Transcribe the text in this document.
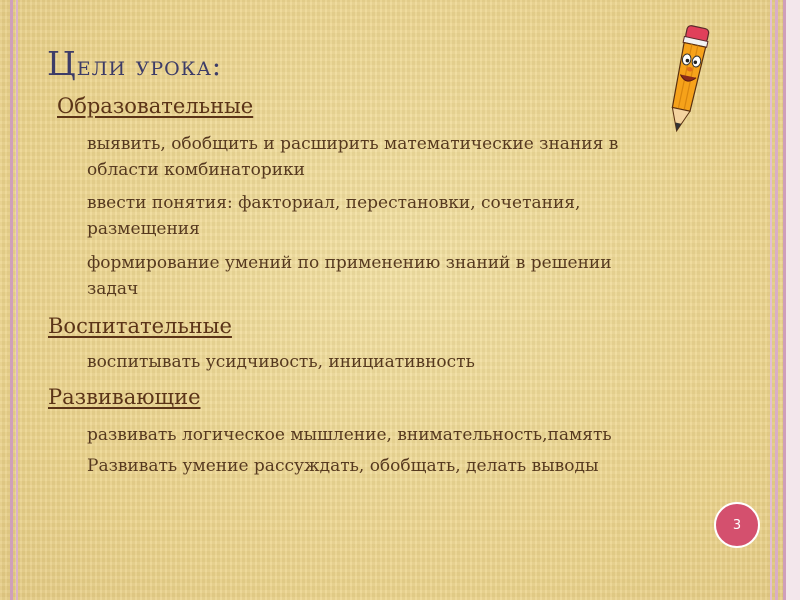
Цели урока:
Образовательные
выявить, обобщить и расширить математические знания в области комбинаторики
ввести понятия: факториал, перестановки, сочетания, размещения
формирование умений по применению знаний в решении задач
Воспитательные
воспитывать усидчивость, инициативность
Развивающие
развивать логическое мышление, внимательность,память
Развивать умение рассуждать, обобщать, делать выводы
3
